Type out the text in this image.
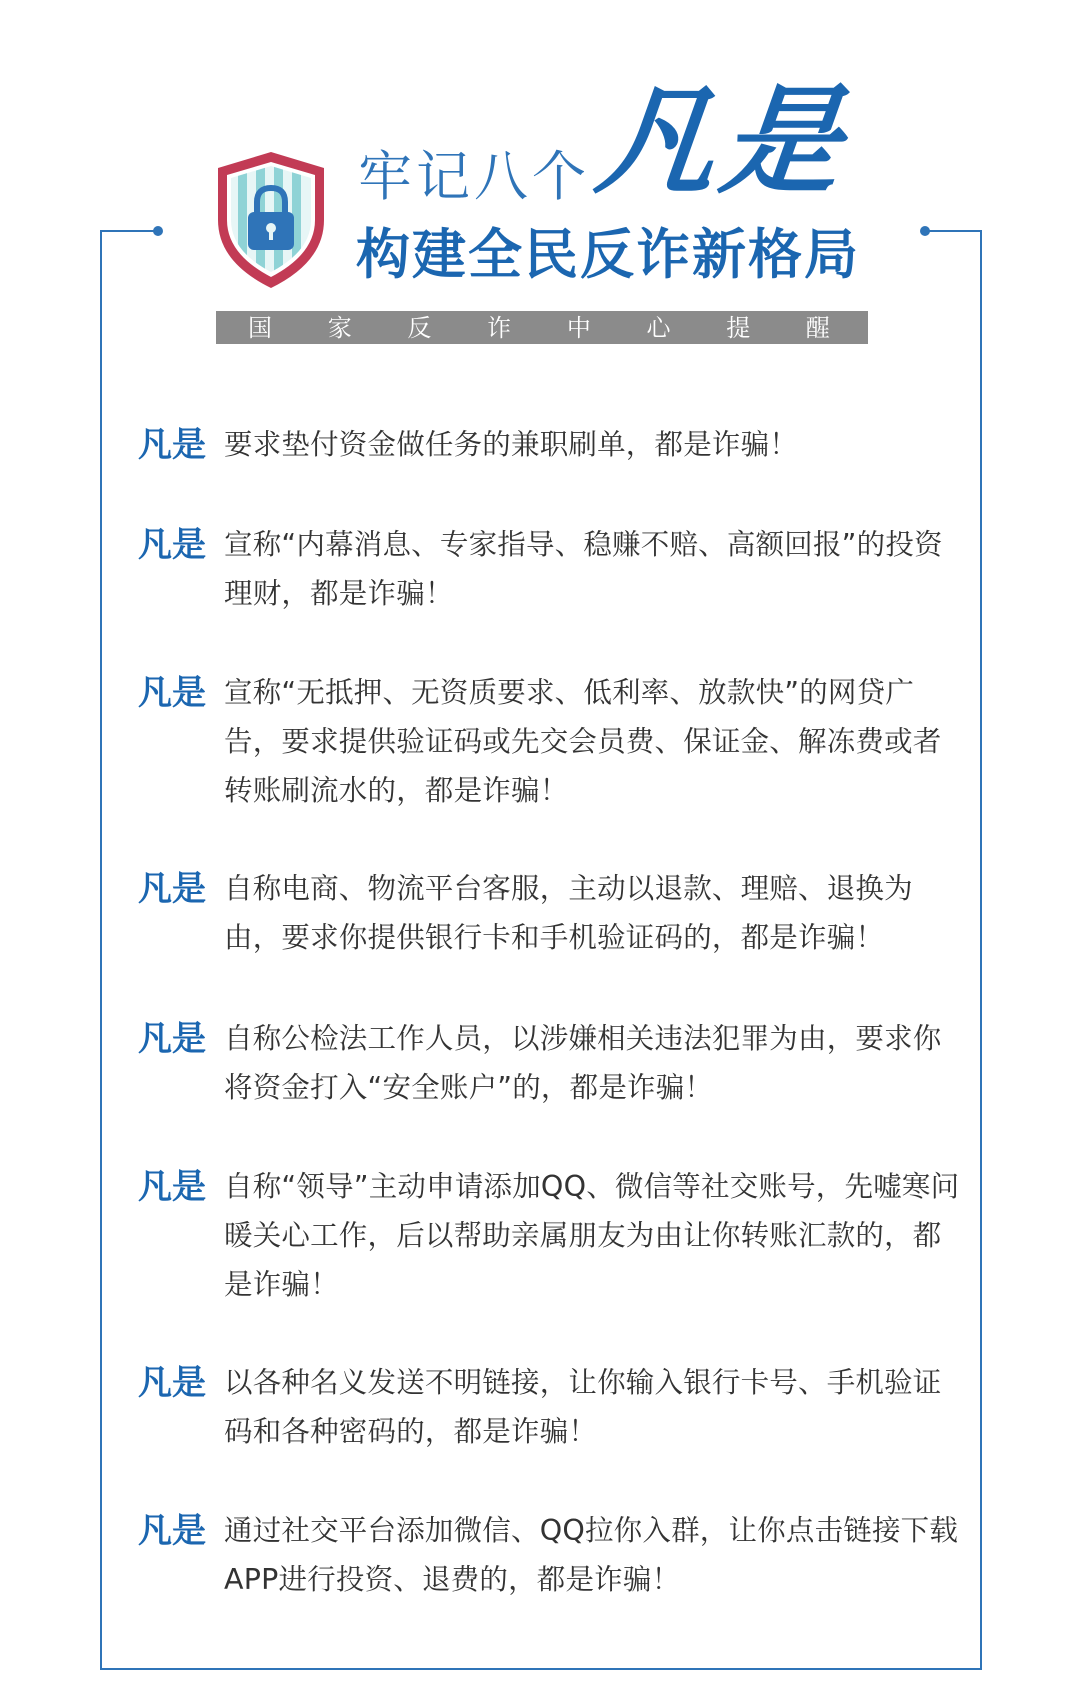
牢记八个 凡是
构建全民反诈新格局
国 家 反 诈 中 心 提 醒
凡是 要求垫付资金做任务的兼职刷单，都是诈骗！
凡是 宣称“内幕消息、专家指导、稳赚不赔、高额回报”的投资理财，都是诈骗！
凡是 宣称“无抵押、无资质要求、低利率、放款快”的网贷广告，要求提供验证码或先交会员费、保证金、解冻费或者转账刷流水的，都是诈骗！
凡是 自称电商、物流平台客服，主动以退款、理赔、退换为由，要求你提供银行卡和手机验证码的，都是诈骗！
凡是 自称公检法工作人员，以涉嫌相关违法犯罪为由，要求你将资金打入“安全账户”的，都是诈骗！
凡是 自称“领导”主动申请添加QQ、微信等社交账号，先嘘寒问暖关心工作，后以帮助亲属朋友为由让你转账汇款的，都是诈骗！
凡是 以各种名义发送不明链接，让你输入银行卡号、手机验证码和各种密码的，都是诈骗！
凡是 通过社交平台添加微信、QQ拉你入群，让你点击链接下载APP进行投资、退费的，都是诈骗！
